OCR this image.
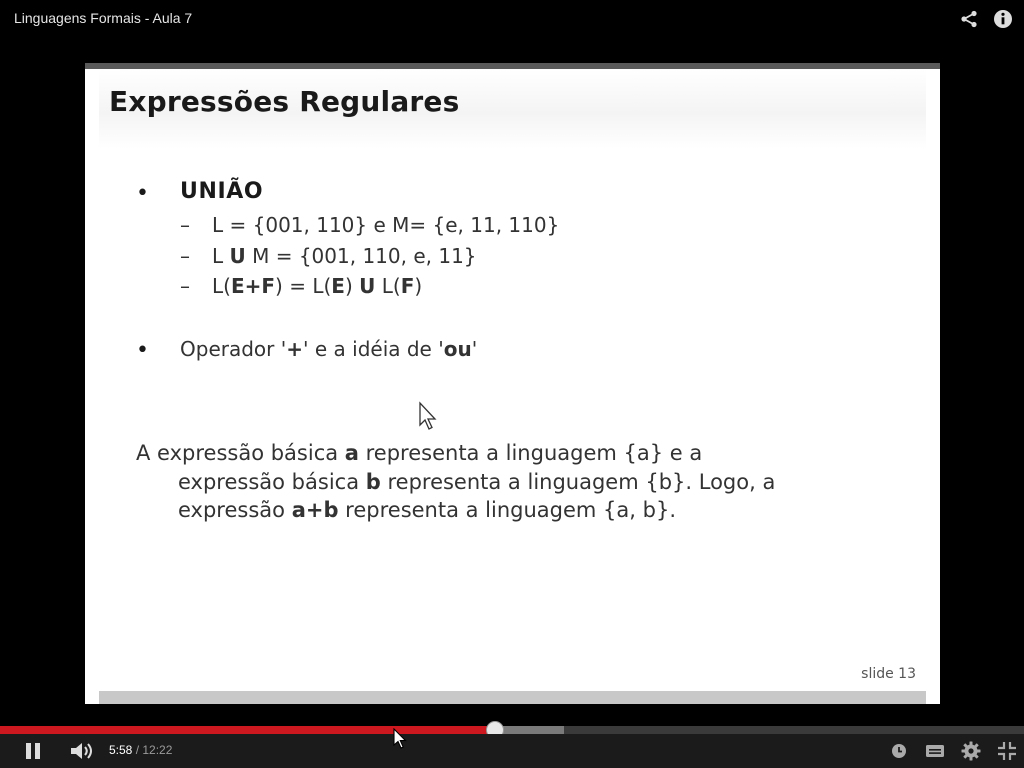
Linguagens Formais - Aula 7
Expressões Regulares
• UNIÃO
– L = {001, 110} e M= {e, 11, 110}
– L U M = {001, 110, e, 11}
– L(E+F) = L(E) U L(F)
• Operador '+' e a idéia de 'ou'
A expressão básica a representa a linguagem {a} e a
expressão básica b representa a linguagem {b}. Logo, a
expressão a+b representa a linguagem {a, b}.
slide 13
5:58 / 12:22
